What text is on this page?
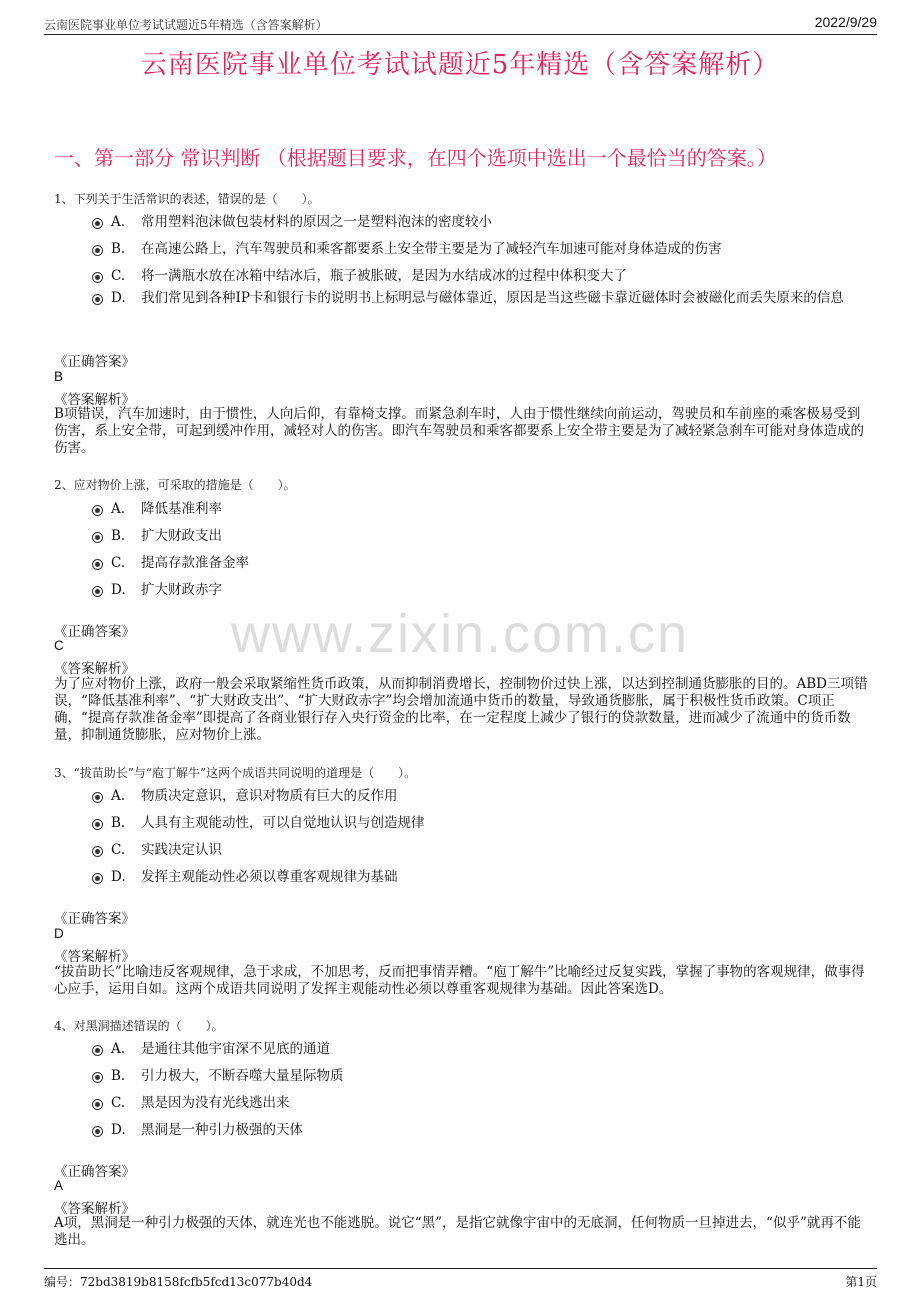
云南医院事业单位考试试题近5年精选（含答案解析）	2022/9/29
云南医院事业单位考试试题近5年精选（含答案解析）
一、第一部分 常识判断 （根据题目要求，在四个选项中选出一个最恰当的答案。）
www.zixin.com.cn
1、下列关于生活常识的表述，错误的是（　　）。
A. 常用塑料泡沫做包装材料的原因之一是塑料泡沫的密度较小
B. 在高速公路上，汽车驾驶员和乘客都要系上安全带主要是为了减轻汽车加速可能对身体造成的伤害
C. 将一满瓶水放在冰箱中结冰后，瓶子被胀破，是因为水结成冰的过程中体积变大了
D. 我们常见到各种IP卡和银行卡的说明书上标明忌与磁体靠近，原因是当这些磁卡靠近磁体时会被磁化而丢失原来的信息
《正确答案》
B
《答案解析》
B项错误，汽车加速时，由于惯性，人向后仰，有靠椅支撑。而紧急刹车时，人由于惯性继续向前运动，驾驶员和车前座的乘客极易受到伤害，系上安全带，可起到缓冲作用，减轻对人的伤害。即汽车驾驶员和乘客都要系上安全带主要是为了减轻紧急刹车可能对身体造成的伤害。
2、应对物价上涨，可采取的措施是（　　）。
A. 降低基准利率
B. 扩大财政支出
C. 提高存款准备金率
D. 扩大财政赤字
《正确答案》
C
《答案解析》
为了应对物价上涨，政府一般会采取紧缩性货币政策，从而抑制消费增长，控制物价过快上涨，以达到控制通货膨胀的目的。ABD三项错误，“降低基准利率”、“扩大财政支出”、“扩大财政赤字”均会增加流通中货币的数量，导致通货膨胀，属于积极性货币政策。C项正确，“提高存款准备金率”即提高了各商业银行存入央行资金的比率，在一定程度上减少了银行的贷款数量，进而减少了流通中的货币数量，抑制通货膨胀，应对物价上涨。
3、“拔苗助长”与“庖丁解牛”这两个成语共同说明的道理是（　　）。
A. 物质决定意识，意识对物质有巨大的反作用
B. 人具有主观能动性，可以自觉地认识与创造规律
C. 实践决定认识
D. 发挥主观能动性必须以尊重客观规律为基础
《正确答案》
D
《答案解析》
“拔苗助长”比喻违反客观规律，急于求成，不加思考，反而把事情弄糟。“庖丁解牛”比喻经过反复实践，掌握了事物的客观规律，做事得心应手，运用自如。这两个成语共同说明了发挥主观能动性必须以尊重客观规律为基础。因此答案选D。
4、对黑洞描述错误的（　　）。
A. 是通往其他宇宙深不见底的通道
B. 引力极大，不断吞噬大量星际物质
C. 黑是因为没有光线逃出来
D. 黑洞是一种引力极强的天体
《正确答案》
A
《答案解析》
A项，黑洞是一种引力极强的天体，就连光也不能逃脱。说它“黑”，是指它就像宇宙中的无底洞，任何物质一旦掉进去，“似乎”就再不能逃出。
编号：72bd3819b8158fcfb5fcd13c077b40d4	第1页
